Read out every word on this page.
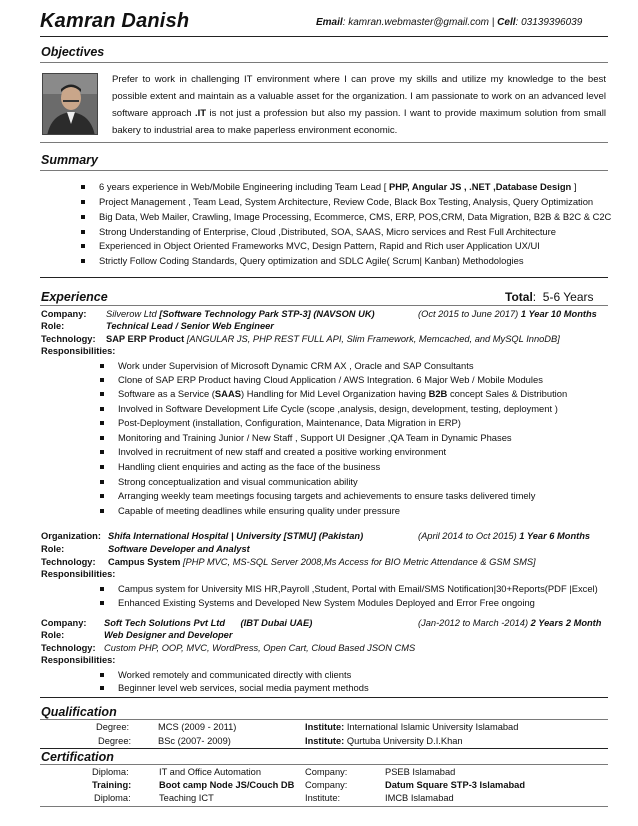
Kamran Danish	Email: kamran.webmaster@gmail.com | Cell: 03139396039
Objectives
Prefer to work in challenging IT environment where I can prove my skills and utilize my knowledge to the best possible extent and maintain as a valuable asset for the organization. I am passionate to work on an advanced level software approach .IT is not just a profession but also my passion. I want to provide maximum solution from small bakery to industrial area to make paperless environment economic.
Summary
6 years experience in Web/Mobile Engineering including Team Lead [ PHP, Angular JS , .NET ,Database Design ]
Project Management , Team Lead, System Architecture, Review Code, Black Box Testing, Analysis, Query Optimization
Big Data, Web Mailer, Crawling, Image Processing, Ecommerce, CMS, ERP, POS,CRM, Data Migration, B2B & B2C & C2C
Strong Understanding of Enterprise, Cloud ,Distributed, SOA, SAAS, Micro services and Rest Full Architecture
Experienced in Object Oriented Frameworks MVC, Design Pattern, Rapid and Rich user Application UX/UI
Strictly Follow Coding Standards, Query optimization and SDLC Agile( Scrum| Kanban) Methodologies
Experience	Total:  5-6 Years
Company: Silverow Ltd [Software Technology Park STP-3] (NAVSON UK)	(Oct 2015 to June 2017) 1 Year 10 Months
Role:	Technical Lead / Senior Web Engineer
Technology: SAP ERP Product [ANGULAR JS, PHP REST FULL API, Slim Framework, Memcached, and MySQL InnoDB]
Responsibilities:
Work under Supervision of Microsoft Dynamic CRM AX , Oracle and SAP Consultants
Clone of SAP ERP Product having Cloud Application / AWS Integration. 6 Major Web / Mobile Modules
Software as a Service (SAAS) Handling for Mid Level Organization having B2B concept Sales & Distribution
Involved in Software Development Life Cycle (scope ,analysis, design, development, testing, deployment )
Post-Deployment (installation, Configuration, Maintenance, Data Migration in ERP)
Monitoring and Training Junior / New Staff , Support UI Designer ,QA Team in Dynamic Phases
Involved in recruitment of new staff and created a positive working environment
Handling client enquiries and acting as the face of the business
Strong conceptualization and visual communication ability
Arranging weekly team meetings focusing targets and achievements to ensure tasks delivered timely
Capable of meeting deadlines while ensuring quality under pressure
Organization: Shifa International Hospital | University [STMU] (Pakistan)	(April 2014 to Oct 2015) 1 Year 6 Months
Role:	Software Developer and Analyst
Technology: Campus System [PHP MVC, MS-SQL Server 2008,Ms Access for BIO Metric Attendance & GSM SMS]
Responsibilities:
Campus system for University MIS HR,Payroll ,Student, Portal with Email/SMS Notification|30+Reports(PDF |Excel)
Enhanced Existing Systems and Developed New System Modules Deployed and Error Free ongoing
Company: Soft Tech Solutions Pvt Ltd      (IBT Dubai UAE)	(Jan-2012 to March -2014) 2 Years 2 Month
Role:	Web Designer and Developer
Technology: Custom PHP, OOP, MVC, WordPress, Open Cart, Cloud Based JSON CMS
Responsibilities:
Worked remotely and communicated directly with clients
Beginner level web services, social media payment methods
Qualification
Degree:	MCS (2009 - 2011)	Institute: International Islamic University Islamabad
Degree:	BSc (2007- 2009)	Institute: Qurtuba University D.I.Khan
Certification
Diploma:	IT and Office Automation	Company:	PSEB Islamabad
Training:	Boot camp Node JS/Couch DB Company:	Datum Square STP-3 Islamabad
Diploma:	Teaching ICT	Institute:	IMCB Islamabad
